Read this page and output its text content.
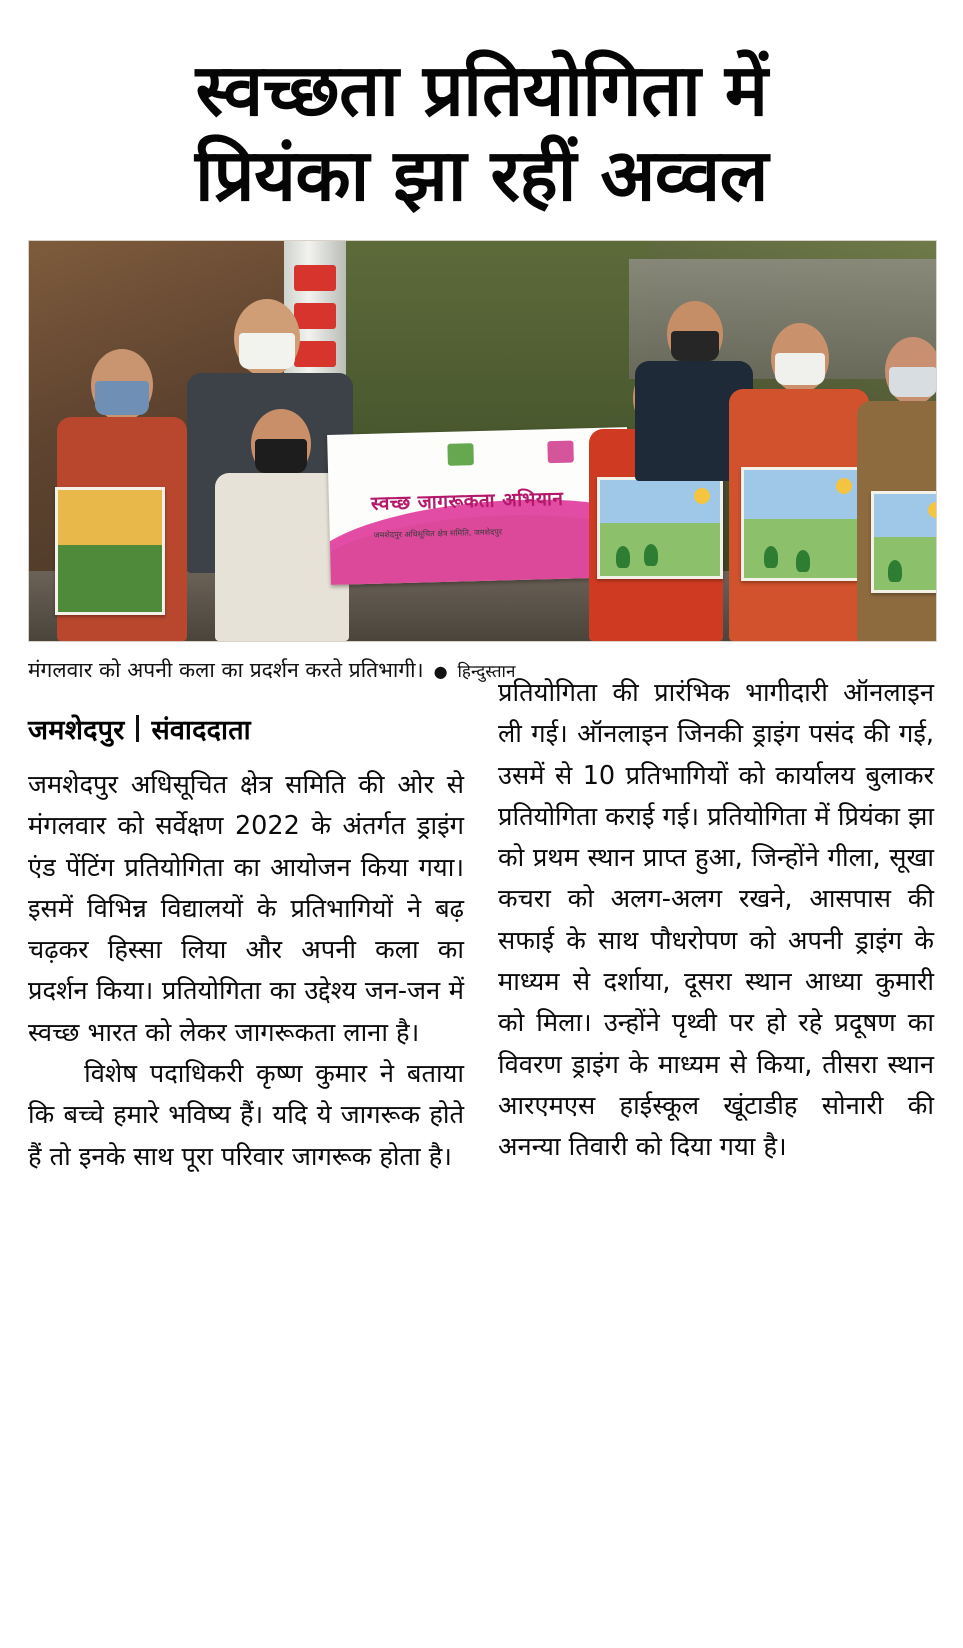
स्वच्छता प्रतियोगिता में
प्रियंका झा रहीं अव्वल
स्वच्छ जागरूकता अभियान
जमशेदपुर अधिसूचित क्षेत्र समिति, जमशेदपुर
मंगलवार को अपनी कला का प्रदर्शन करते प्रतिभागी। ● हिन्दुस्तान
जमशेदपुर संवाददाता

जमशेदपुर अधिसूचित क्षेत्र समिति की ओर से मंगलवार को सर्वेक्षण 2022 के अंतर्गत ड्राइंग एंड पेंटिंग प्रतियोगिता का आयोजन किया गया। इसमें विभिन्न विद्यालयों के प्रतिभागियों ने बढ़ चढ़कर हिस्सा लिया और अपनी कला का प्रदर्शन किया। प्रतियोगिता का उद्देश्य जन-जन में स्वच्छ भारत को लेकर जागरूकता लाना है।

विशेष पदाधिकरी कृष्ण कुमार ने बताया कि बच्चे हमारे भविष्य हैं। यदि ये जागरूक होते हैं तो इनके साथ पूरा परिवार जागरूक होता है।

प्रतियोगिता की प्रारंभिक भागीदारी ऑनलाइन ली गई। ऑनलाइन जिनकी ड्राइंग पसंद की गई, उसमें से 10 प्रतिभागियों को कार्यालय बुलाकर प्रतियोगिता कराई गई। प्रतियोगिता में प्रियंका झा को प्रथम स्थान प्राप्त हुआ, जिन्होंने गीला, सूखा कचरा को अलग-अलग रखने, आसपास की सफाई के साथ पौधरोपण को अपनी ड्राइंग के माध्यम से दर्शाया, दूसरा स्थान आध्या कुमारी को मिला। उन्होंने पृथ्वी पर हो रहे प्रदूषण का विवरण ड्राइंग के माध्यम से किया, तीसरा स्थान आरएमएस हाईस्कूल खूंटाडीह सोनारी की अनन्या तिवारी को दिया गया है।
